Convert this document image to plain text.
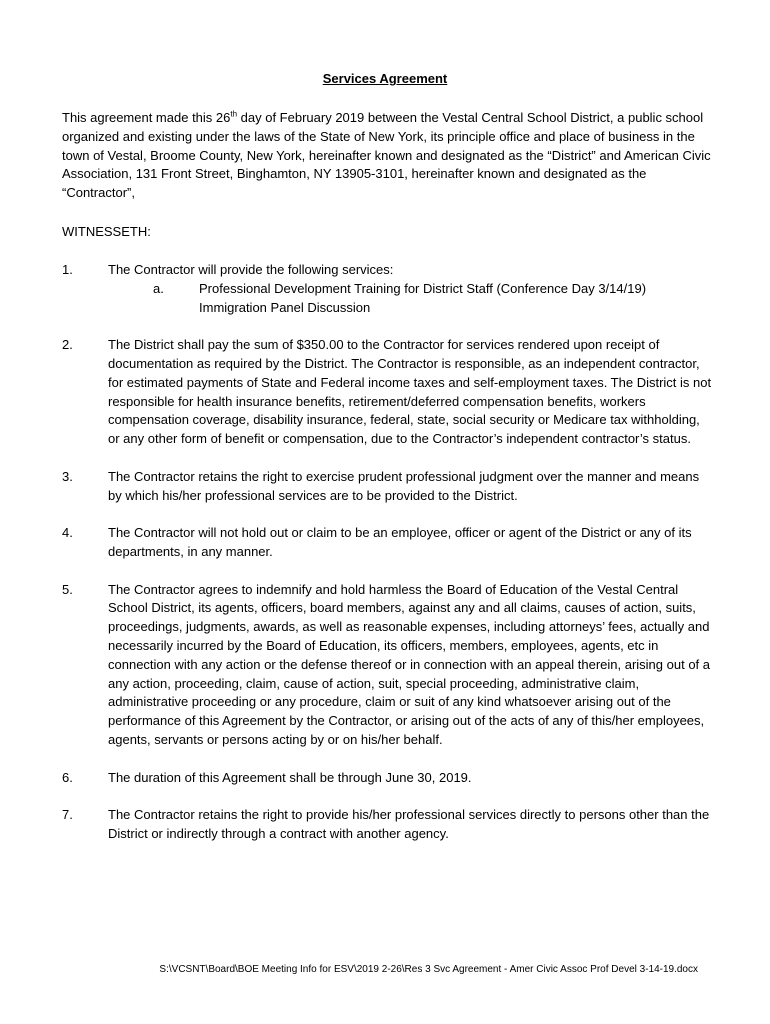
Services Agreement
This agreement made this 26th day of February 2019 between the Vestal Central School District, a public school organized and existing under the laws of the State of New York, its principle office and place of business in the town of Vestal, Broome County, New York, hereinafter known and designated as the “District” and American Civic Association, 131 Front Street, Binghamton, NY 13905-3101, hereinafter known and designated as the “Contractor”,
WITNESSETH:
1.	The Contractor will provide the following services:
a.	Professional Development Training for District Staff (Conference Day 3/14/19)
Immigration Panel Discussion
2.	The District shall pay the sum of $350.00 to the Contractor for services rendered upon receipt of documentation as required by the District. The Contractor is responsible, as an independent contractor, for estimated payments of State and Federal income taxes and self-employment taxes. The District is not responsible for health insurance benefits, retirement/deferred compensation benefits, workers compensation coverage, disability insurance, federal, state, social security or Medicare tax withholding, or any other form of benefit or compensation, due to the Contractor’s independent contractor’s status.
3.	The Contractor retains the right to exercise prudent professional judgment over the manner and means by which his/her professional services are to be provided to the District.
4.	The Contractor will not hold out or claim to be an employee, officer or agent of the District or any of its departments, in any manner.
5.	The Contractor agrees to indemnify and hold harmless the Board of Education of the Vestal Central School District, its agents, officers, board members, against any and all claims, causes of action, suits, proceedings, judgments, awards, as well as reasonable expenses, including attorneys’ fees, actually and necessarily incurred by the Board of Education, its officers, members, employees, agents, etc in connection with any action or the defense thereof or in connection with an appeal therein, arising out of a any action, proceeding, claim, cause of action, suit, special proceeding, administrative claim, administrative proceeding or any procedure, claim or suit of any kind whatsoever arising out of the performance of this Agreement by the Contractor, or arising out of the acts of any of this/her employees, agents, servants or persons acting by or on his/her behalf.
6.	The duration of this Agreement shall be through June 30, 2019.
7.	The Contractor retains the right to provide his/her professional services directly to persons other than the District or indirectly through a contract with another agency.
S:\VCSNT\Board\BOE Meeting Info for ESV\2019 2-26\Res 3 Svc Agreement - Amer Civic Assoc Prof Devel 3-14-19.docx
